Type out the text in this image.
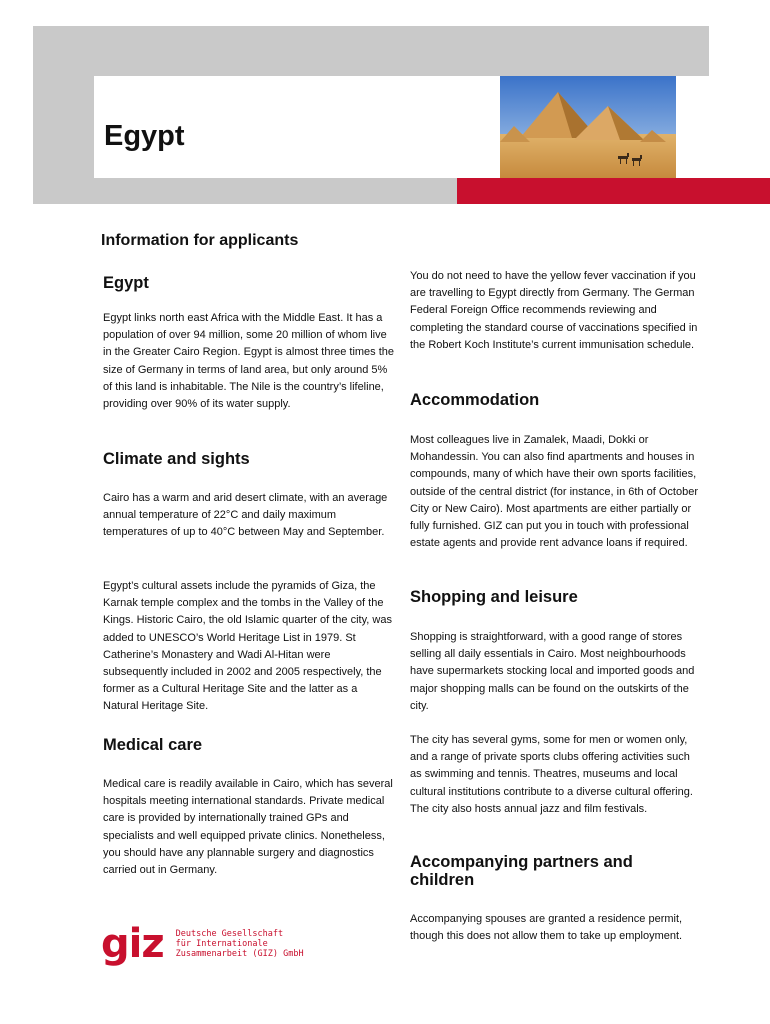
Egypt
Information for applicants
Egypt

Egypt links north east Africa with the Middle East. It has a population of over 94 million, some 20 million of whom live in the Greater Cairo Region. Egypt is almost three times the size of Germany in terms of land area, but only around 5% of this land is inhabitable. The Nile is the country’s lifeline, providing over 90% of its water supply.

Climate and sights

Cairo has a warm and arid desert climate, with an average annual temperature of 22°C and daily maximum temperatures of up to 40°C between May and September.

Egypt’s cultural assets include the pyramids of Giza, the Karnak temple complex and the tombs in the Valley of the Kings. Historic Cairo, the old Islamic quarter of the city, was added to UNESCO’s World Heritage List in 1979. St Catherine’s Monastery and Wadi Al-Hitan were subsequently included in 2002 and 2005 respectively, the former as a Cultural Heritage Site and the latter as a Natural Heritage Site.

Medical care

Medical care is readily available in Cairo, which has several hospitals meeting international standards. Private medical care is provided by internationally trained GPs and specialists and well equipped private clinics. Nonetheless, you should have any plannable surgery and diagnostics carried out in Germany.

You do not need to have the yellow fever vaccination if you are travelling to Egypt directly from Germany. The German Federal Foreign Office recommends reviewing and completing the standard course of vaccinations specified in the Robert Koch Institute’s current immunisation schedule.

Accommodation

Most colleagues live in Zamalek, Maadi, Dokki or Mohandessin. You can also find apartments and houses in compounds, many of which have their own sports facilities, outside of the central district (for instance, in 6th of October City or New Cairo). Most apartments are either partially or fully furnished. GIZ can put you in touch with professional estate agents and provide rent advance loans if required.

Shopping and leisure

Shopping is straightforward, with a good range of stores selling all daily essentials in Cairo. Most neighbourhoods have supermarkets stocking local and imported goods and major shopping malls can be found on the outskirts of the city.

The city has several gyms, some for men or women only, and a range of private sports clubs offering activities such as swimming and tennis. Theatres, museums and local cultural institutions contribute to a diverse cultural offering. The city also hosts annual jazz and film festivals.

Accompanying partners and children

Accompanying spouses are granted a residence permit, though this does not allow them to take up employment.

giz Deutsche Gesellschaft
für Internationale
Zusammenarbeit (GIZ) GmbH
